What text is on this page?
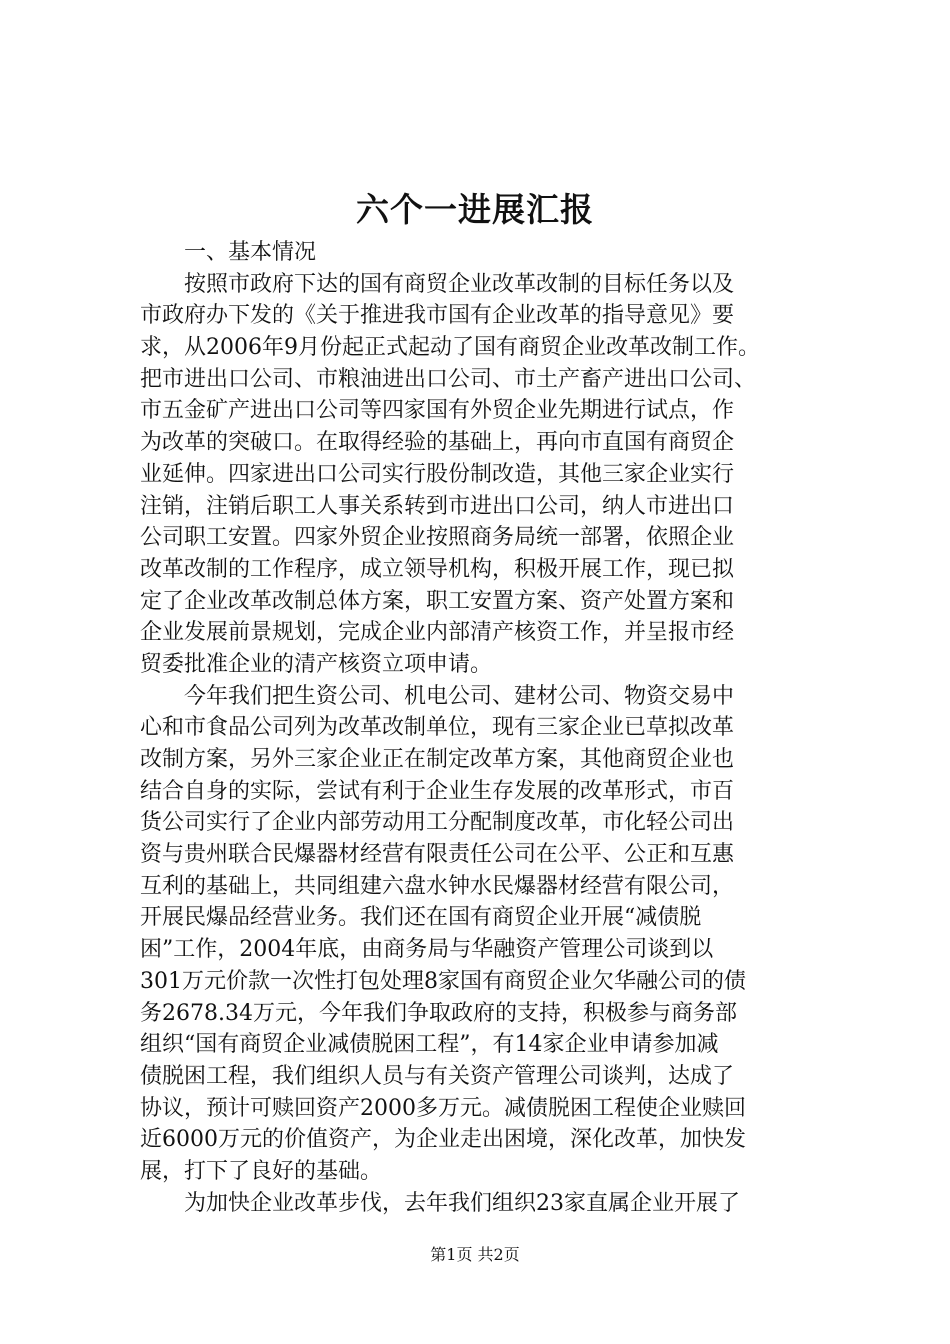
六个一进展汇报
一、基本情况
按照市政府下达的国有商贸企业改革改制的目标任务以及
市政府办下发的《关于推进我市国有企业改革的指导意见》要
求，从2006年9月份起正式起动了国有商贸企业改革改制工作。
把市进出口公司、市粮油进出口公司、市土产畜产进出口公司、
市五金矿产进出口公司等四家国有外贸企业先期进行试点，作
为改革的突破口。在取得经验的基础上，再向市直国有商贸企
业延伸。四家进出口公司实行股份制改造，其他三家企业实行
注销，注销后职工人事关系转到市进出口公司，纳人市进出口
公司职工安置。四家外贸企业按照商务局统一部署，依照企业
改革改制的工作程序，成立领导机构，积极开展工作，现已拟
定了企业改革改制总体方案，职工安置方案、资产处置方案和
企业发展前景规划，完成企业内部清产核资工作，并呈报市经
贸委批准企业的清产核资立项申请。
今年我们把生资公司、机电公司、建材公司、物资交易中
心和市食品公司列为改革改制单位，现有三家企业已草拟改革
改制方案，另外三家企业正在制定改革方案，其他商贸企业也
结合自身的实际，尝试有利于企业生存发展的改革形式，市百
货公司实行了企业内部劳动用工分配制度改革，市化轻公司出
资与贵州联合民爆器材经营有限责任公司在公平、公正和互惠
互利的基础上，共同组建六盘水钟水民爆器材经营有限公司，
开展民爆品经营业务。我们还在国有商贸企业开展“减债脱
困”工作，2004年底，由商务局与华融资产管理公司谈到以
301万元价款一次性打包处理8家国有商贸企业欠华融公司的债
务2678.34万元，今年我们争取政府的支持，积极参与商务部
组织“国有商贸企业减债脱困工程”，有14家企业申请参加减
债脱困工程，我们组织人员与有关资产管理公司谈判，达成了
协议，预计可赎回资产2000多万元。减债脱困工程使企业赎回
近6000万元的价值资产，为企业走出困境，深化改革，加快发
展，打下了良好的基础。
为加快企业改革步伐，去年我们组织23家直属企业开展了
第1页 共2页
